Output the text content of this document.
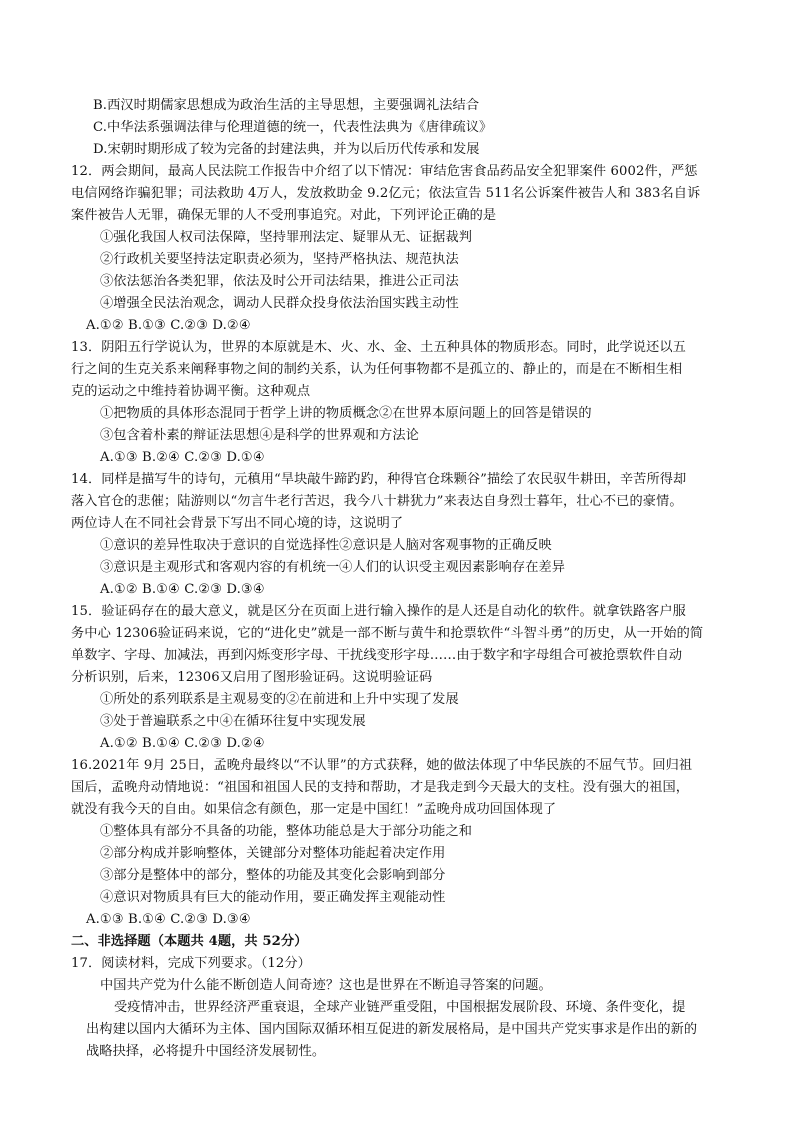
B.西汉时期儒家思想成为政治生活的主导思想，主要强调礼法结合
C.中华法系强调法律与伦理道德的统一，代表性法典为《唐律疏议》
D.宋朝时期形成了较为完备的封建法典，并为以后历代传承和发展
12．两会期间，最高人民法院工作报告中介绍了以下情况：审结危害食品药品安全犯罪案件 6002件，严惩
电信网络诈骗犯罪；司法救助 4万人，发放救助金 9.2亿元；依法宣告 511名公诉案件被告人和 383名自诉
案件被告人无罪，确保无罪的人不受刑事追究。对此，下列评论正确的是
①强化我国人权司法保障，坚持罪刑法定、疑罪从无、证据裁判
②行政机关要坚持法定职责必须为，坚持严格执法、规范执法
③依法惩治各类犯罪，依法及时公开司法结果，推进公正司法
④增强全民法治观念，调动人民群众投身依法治国实践主动性
A.①② B.①③ C.②③ D.②④
13．阴阳五行学说认为，世界的本原就是木、火、水、金、土五种具体的物质形态。同时，此学说还以五
行之间的生克关系来阐释事物之间的制约关系，认为任何事物都不是孤立的、静止的，而是在不断相生相
克的运动之中维持着协调平衡。这种观点
①把物质的具体形态混同于哲学上讲的物质概念②在世界本原问题上的回答是错误的
③包含着朴素的辩证法思想④是科学的世界观和方法论
A.①③ B.②④ C.②③ D.①④
14．同样是描写牛的诗句，元稹用“旱块敲牛蹄趵趵，种得官仓珠颗谷”描绘了农民驭牛耕田，辛苦所得却
落入官仓的悲催；陆游则以“勿言牛老行苦迟，我今八十耕犹力”来表达自身烈士暮年，壮心不已的豪情。
两位诗人在不同社会背景下写出不同心境的诗，这说明了
①意识的差异性取决于意识的自觉选择性②意识是人脑对客观事物的正确反映
③意识是主观形式和客观内容的有机统一④人们的认识受主观因素影响存在差异
A.①② B.①④ C.②③ D.③④
15．验证码存在的最大意义，就是区分在页面上进行输入操作的是人还是自动化的软件。就拿铁路客户服
务中心 12306验证码来说，它的“进化史”就是一部不断与黄牛和抢票软件“斗智斗勇”的历史，从一开始的简
单数字、字母、加减法，再到闪烁变形字母、干扰线变形字母……由于数字和字母组合可被抢票软件自动
分析识别，后来，12306又启用了图形验证码。这说明验证码
①所处的系列联系是主观易变的②在前进和上升中实现了发展
③处于普遍联系之中④在循环往复中实现发展
A.①② B.①④ C.②③ D.②④
16.2021年 9月 25日，孟晚舟最终以“不认罪”的方式获释，她的做法体现了中华民族的不屈气节。回归祖
国后，孟晚舟动情地说：“祖国和祖国人民的支持和帮助，才是我走到今天最大的支柱。没有强大的祖国，
就没有我今天的自由。如果信念有颜色，那一定是中国红！”孟晚舟成功回国体现了
①整体具有部分不具备的功能，整体功能总是大于部分功能之和
②部分构成并影响整体，关键部分对整体功能起着决定作用
③部分是整体中的部分，整体的功能及其变化会影响到部分
④意识对物质具有巨大的能动作用，要正确发挥主观能动性
A.①③ B.①④ C.②③ D.③④
二、非选择题（本题共 4题，共 52分）
17．阅读材料，完成下列要求。（12分）
中国共产党为什么能不断创造人间奇迹？这也是世界在不断追寻答案的问题。
受疫情冲击，世界经济严重衰退，全球产业链严重受阻，中国根据发展阶段、环境、条件变化，提
出构建以国内大循环为主体、国内国际双循环相互促进的新发展格局，是中国共产党实事求是作出的新的
战略抉择，必将提升中国经济发展韧性。
